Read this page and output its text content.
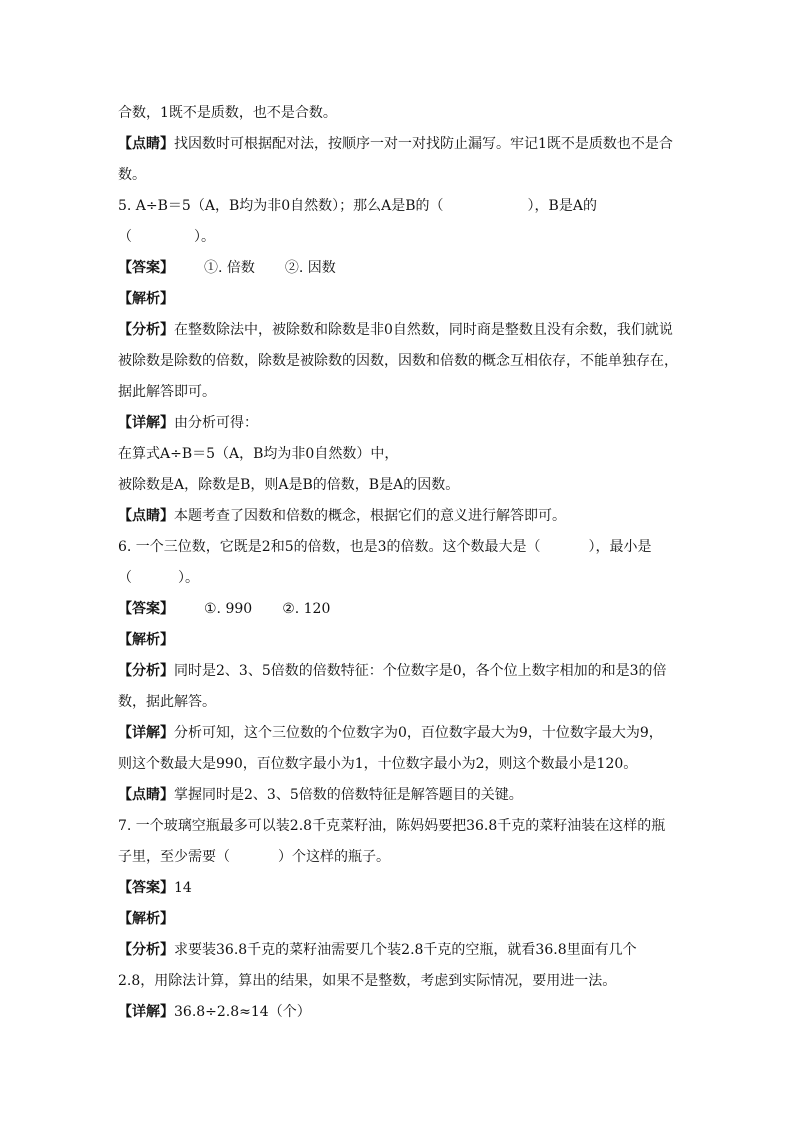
合数，1既不是质数，也不是合数。
【点睛】找因数时可根据配对法，按顺序一对一对找防止漏写。牢记1既不是质数也不是合
数。
5. A÷B＝5（A，B均为非0自然数）；那么A是B的（	），B是A的
（	）。
【答案】 ①. 倍数 ②. 因数
【解析】
【分析】在整数除法中，被除数和除数是非0自然数，同时商是整数且没有余数，我们就说
被除数是除数的倍数，除数是被除数的因数，因数和倍数的概念互相依存，不能单独存在，
据此解答即可。
【详解】由分析可得：
在算式A÷B＝5（A，B均为非0自然数）中，
被除数是A，除数是B，则A是B的倍数，B是A的因数。
【点睛】本题考查了因数和倍数的概念，根据它们的意义进行解答即可。
6. 一个三位数，它既是2和5的倍数，也是3的倍数。这个数最大是（	），最小是
（	）。
【答案】 ①. 990 ②. 120
【解析】
【分析】同时是2、3、5倍数的倍数特征：个位数字是0，各个位上数字相加的和是3的倍
数，据此解答。
【详解】分析可知，这个三位数的个位数字为0，百位数字最大为9，十位数字最大为9，
则这个数最大是990，百位数字最小为1，十位数字最小为2，则这个数最小是120。
【点睛】掌握同时是2、3、5倍数的倍数特征是解答题目的关键。
7. 一个玻璃空瓶最多可以装2.8千克菜籽油，陈妈妈要把36.8千克的菜籽油装在这样的瓶
子里，至少需要（	）个这样的瓶子。
【答案】14
【解析】
【分析】求要装36.8千克的菜籽油需要几个装2.8千克的空瓶，就看36.8里面有几个
2.8，用除法计算，算出的结果，如果不是整数，考虑到实际情况，要用进一法。
【详解】36.8÷2.8≈14（个）
